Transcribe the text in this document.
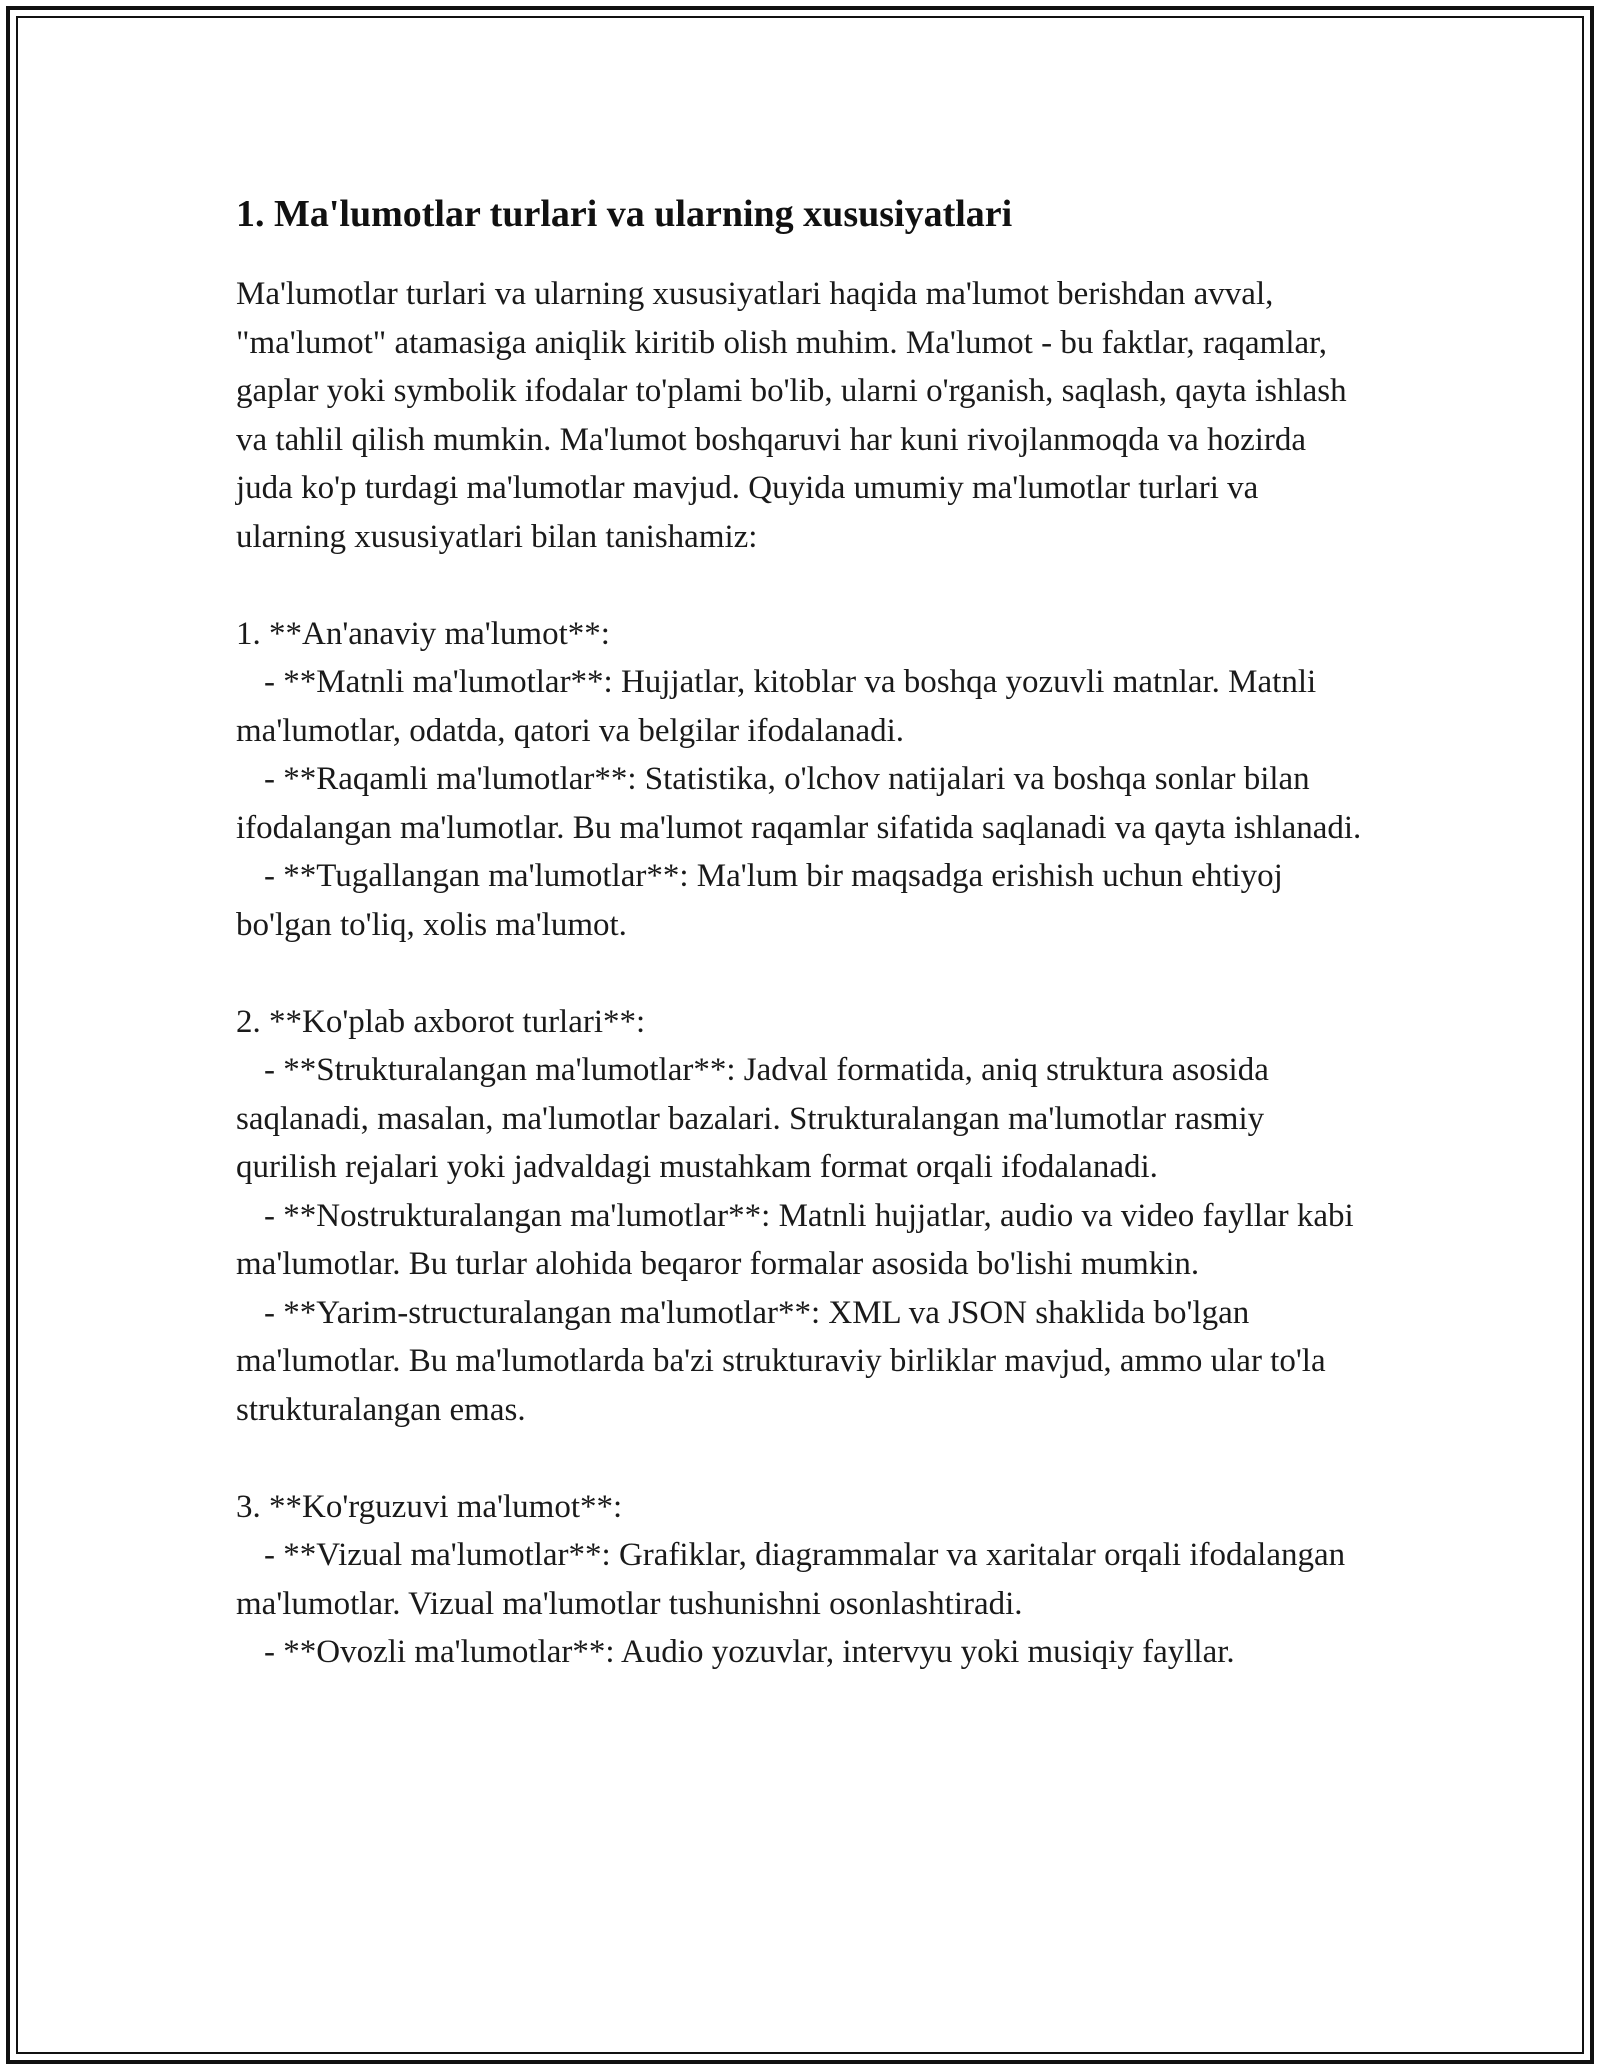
1. Ma'lumotlar turlari va ularning xususiyatlari

Ma'lumotlar turlari va ularning xususiyatlari haqida ma'lumot berishdan avval, "ma'lumot" atamasiga aniqlik kiritib olish muhim. Ma'lumot - bu faktlar, raqamlar, gaplar yoki symbolik ifodalar to'plami bo'lib, ularni o'rganish, saqlash, qayta ishlash va tahlil qilish mumkin. Ma'lumot boshqaruvi har kuni rivojlanmoqda va hozirda juda ko'p turdagi ma'lumotlar mavjud. Quyida umumiy ma'lumotlar turlari va ularning xususiyatlari bilan tanishamiz:

1. **An'anaviy ma'lumot**:

- **Matnli ma'lumotlar**: Hujjatlar, kitoblar va boshqa yozuvli matnlar. Matnli ma'lumotlar, odatda, qatori va belgilar ifodalanadi.

- **Raqamli ma'lumotlar**: Statistika, o'lchov natijalari va boshqa sonlar bilan ifodalangan ma'lumotlar. Bu ma'lumot raqamlar sifatida saqlanadi va qayta ishlanadi.

- **Tugallangan ma'lumotlar**: Ma'lum bir maqsadga erishish uchun ehtiyoj bo'lgan to'liq, xolis ma'lumot.

2. **Ko'plab axborot turlari**:

- **Strukturalangan ma'lumotlar**: Jadval formatida, aniq struktura asosida saqlanadi, masalan, ma'lumotlar bazalari. Strukturalangan ma'lumotlar rasmiy qurilish rejalari yoki jadvaldagi mustahkam format orqali ifodalanadi.

- **Nostrukturalangan ma'lumotlar**: Matnli hujjatlar, audio va video fayllar kabi ma'lumotlar. Bu turlar alohida beqaror formalar asosida bo'lishi mumkin.

- **Yarim-structuralangan ma'lumotlar**: XML va JSON shaklida bo'lgan ma'lumotlar. Bu ma'lumotlarda ba'zi strukturaviy birliklar mavjud, ammo ular to'la strukturalangan emas.

3. **Ko'rguzuvi ma'lumot**:

- **Vizual ma'lumotlar**: Grafiklar, diagrammalar va xaritalar orqali ifodalangan ma'lumotlar. Vizual ma'lumotlar tushunishni osonlashtiradi.

- **Ovozli ma'lumotlar**: Audio yozuvlar, intervyu yoki musiqiy fayllar.
